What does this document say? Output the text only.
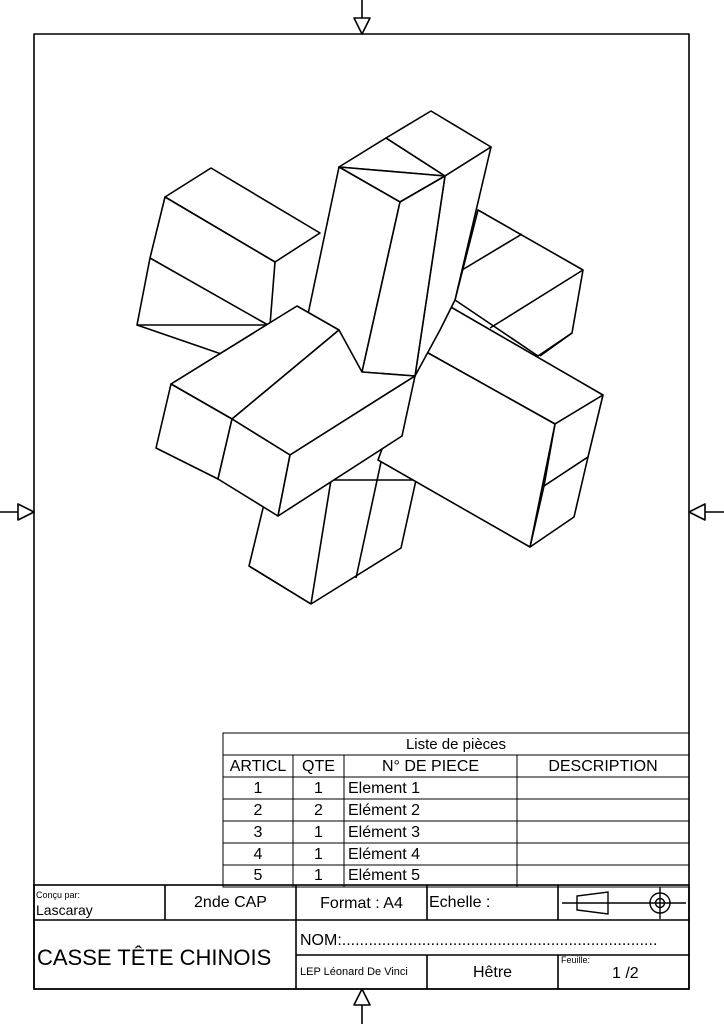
Liste de pièces
ARTICL QTE	N° DE PIECE	DESCRIPTION
1	1	Element 1
2	2	Elément 2
3	1	Elément 3
4	1	Elément 4
5	1	Elément 5
Conçu par:
Lascaray	2nde CAP	Format : A4	Echelle :
CASSE TÊTE CHINOIS
NOM:.......................................................................
LEP Léonard De Vinci	Hêtre
Feuille:
1 /2
